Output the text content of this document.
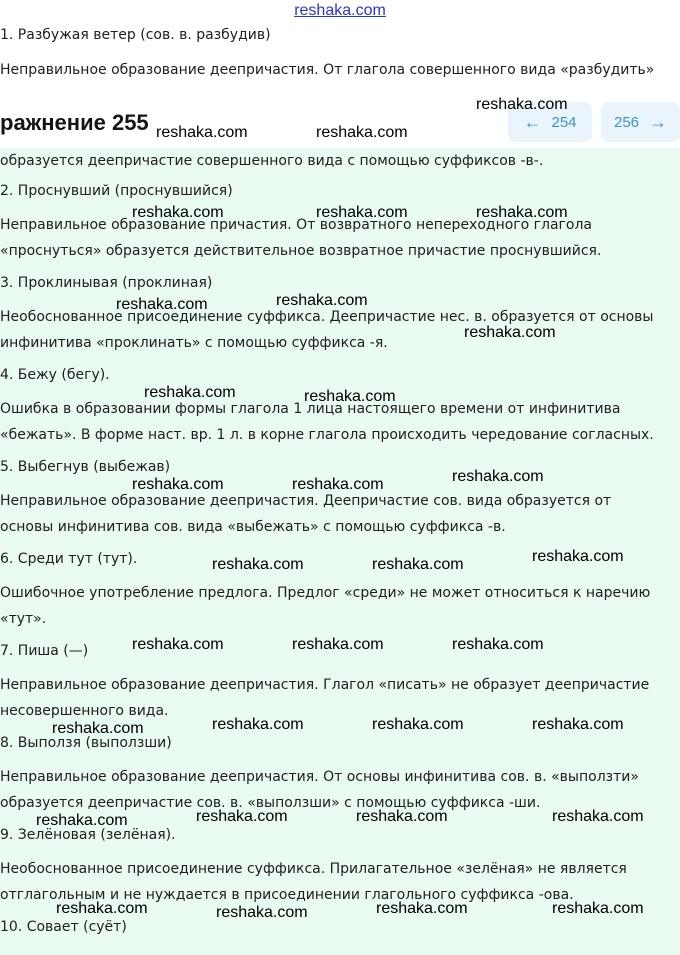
reshaka.com
1. Разбужая ветер (сов. в. разбудив)
Неправильное образование деепричастия. От глагола совершенного вида «разбудить»
образуется деепричастие совершенного вида с помощью суффиксов -в-.
2. Проснувший (проснувшийся)
Неправильное образование причастия. От возвратного непереходного глагола
«проснуться» образуется действительное возвратное причастие проснувшийся.
3. Проклинывая (проклиная)
Необоснованное присоединение суффикса. Деепричастие нес. в. образуется от основы
инфинитива «проклинать» с помощью суффикса -я.
4. Бежу (бегу).
Ошибка в образовании формы глагола 1 лица настоящего времени от инфинитива
«бежать». В форме наст. вр. 1 л. в корне глагола происходить чередование согласных.
5. Выбегнув (выбежав)
Неправильное образование деепричастия. Деепричастие сов. вида образуется от
основы инфинитива сов. вида «выбежать» с помощью суффикса -в.
6. Среди тут (тут).
Ошибочное употребление предлога. Предлог «среди» не может относиться к наречию
«тут».
7. Пиша (—)
Неправильное образование деепричастия. Глагол «писать» не образует деепричастие
несовершенного вида.
8. Выползя (выползши)
Неправильное образование деепричастия. От основы инфинитива сов. в. «выползти»
образуется деепричастие сов. в. «выползши» с помощью суффикса -ши.
9. Зелёновая (зелёная).
Необоснованное присоединение суффикса. Прилагательное «зелёная» не является
отглагольным и не нуждается в присоединении глагольного суффикса -ова.
10. Совает (суёт)
ражнение 255	← 254 256 →
reshaka.com
reshaka.com	reshaka.com
reshaka.com	reshaka.com	reshaka.com
reshaka.com
reshaka.com
reshaka.com
reshaka.com	reshaka.com
reshaka.com
reshaka.com	reshaka.com
reshaka.com
reshaka.com	reshaka.com
reshaka.com	reshaka.com	reshaka.com
reshaka.com	reshaka.com	reshaka.com
reshaka.com
reshaka.com	reshaka.com	reshaka.com
reshaka.com
reshaka.com	reshaka.com	reshaka.com
reshaka.com
